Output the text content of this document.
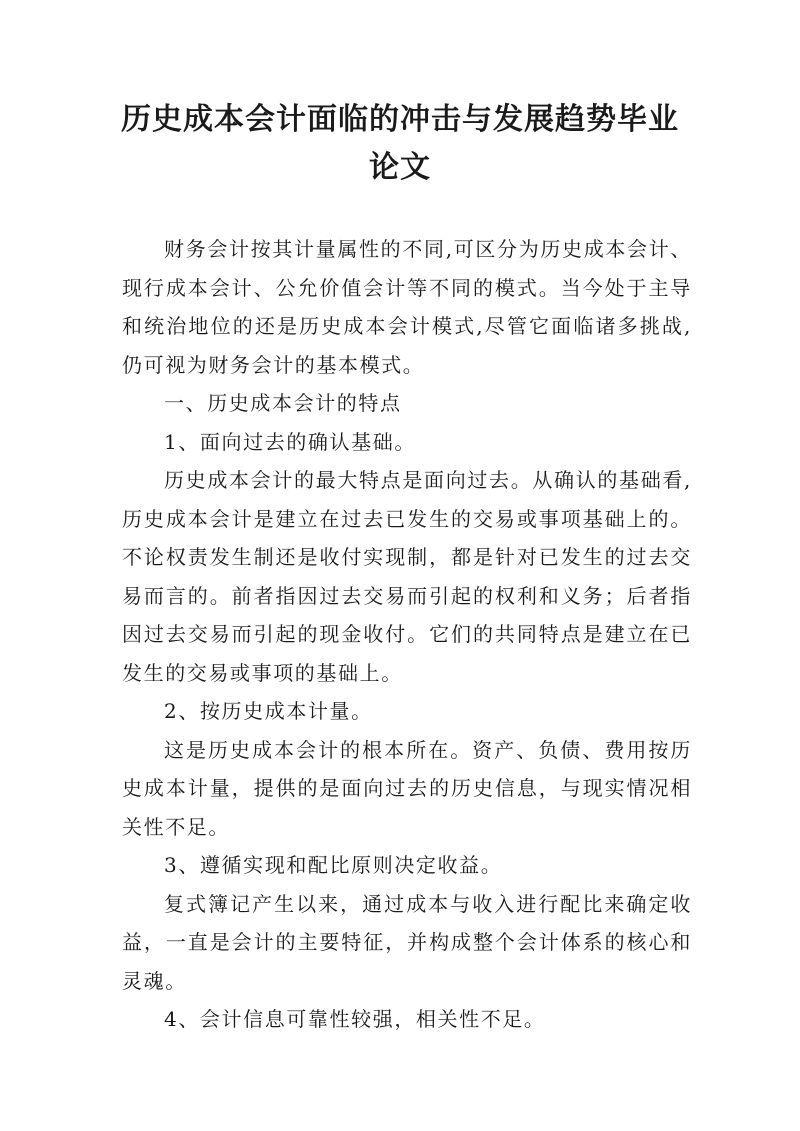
历史成本会计面临的冲击与发展趋势毕业
论文

财务会计按其计量属性的不同,可区分为历史成本会计、现行成本会计、公允价值会计等不同的模式。当今处于主导和统治地位的还是历史成本会计模式,尽管它面临诸多挑战,仍可视为财务会计的基本模式。

一、历史成本会计的特点

1、面向过去的确认基础。

历史成本会计的最大特点是面向过去。从确认的基础看,历史成本会计是建立在过去已发生的交易或事项基础上的。不论权责发生制还是收付实现制，都是针对已发生的过去交易而言的。前者指因过去交易而引起的权利和义务；后者指因过去交易而引起的现金收付。它们的共同特点是建立在已发生的交易或事项的基础上。

2、按历史成本计量。

这是历史成本会计的根本所在。资产、负债、费用按历史成本计量，提供的是面向过去的历史信息，与现实情况相关性不足。

3、遵循实现和配比原则决定收益。

复式簿记产生以来，通过成本与收入进行配比来确定收益，一直是会计的主要特征，并构成整个会计体系的核心和灵魂。

4、会计信息可靠性较强，相关性不足。
